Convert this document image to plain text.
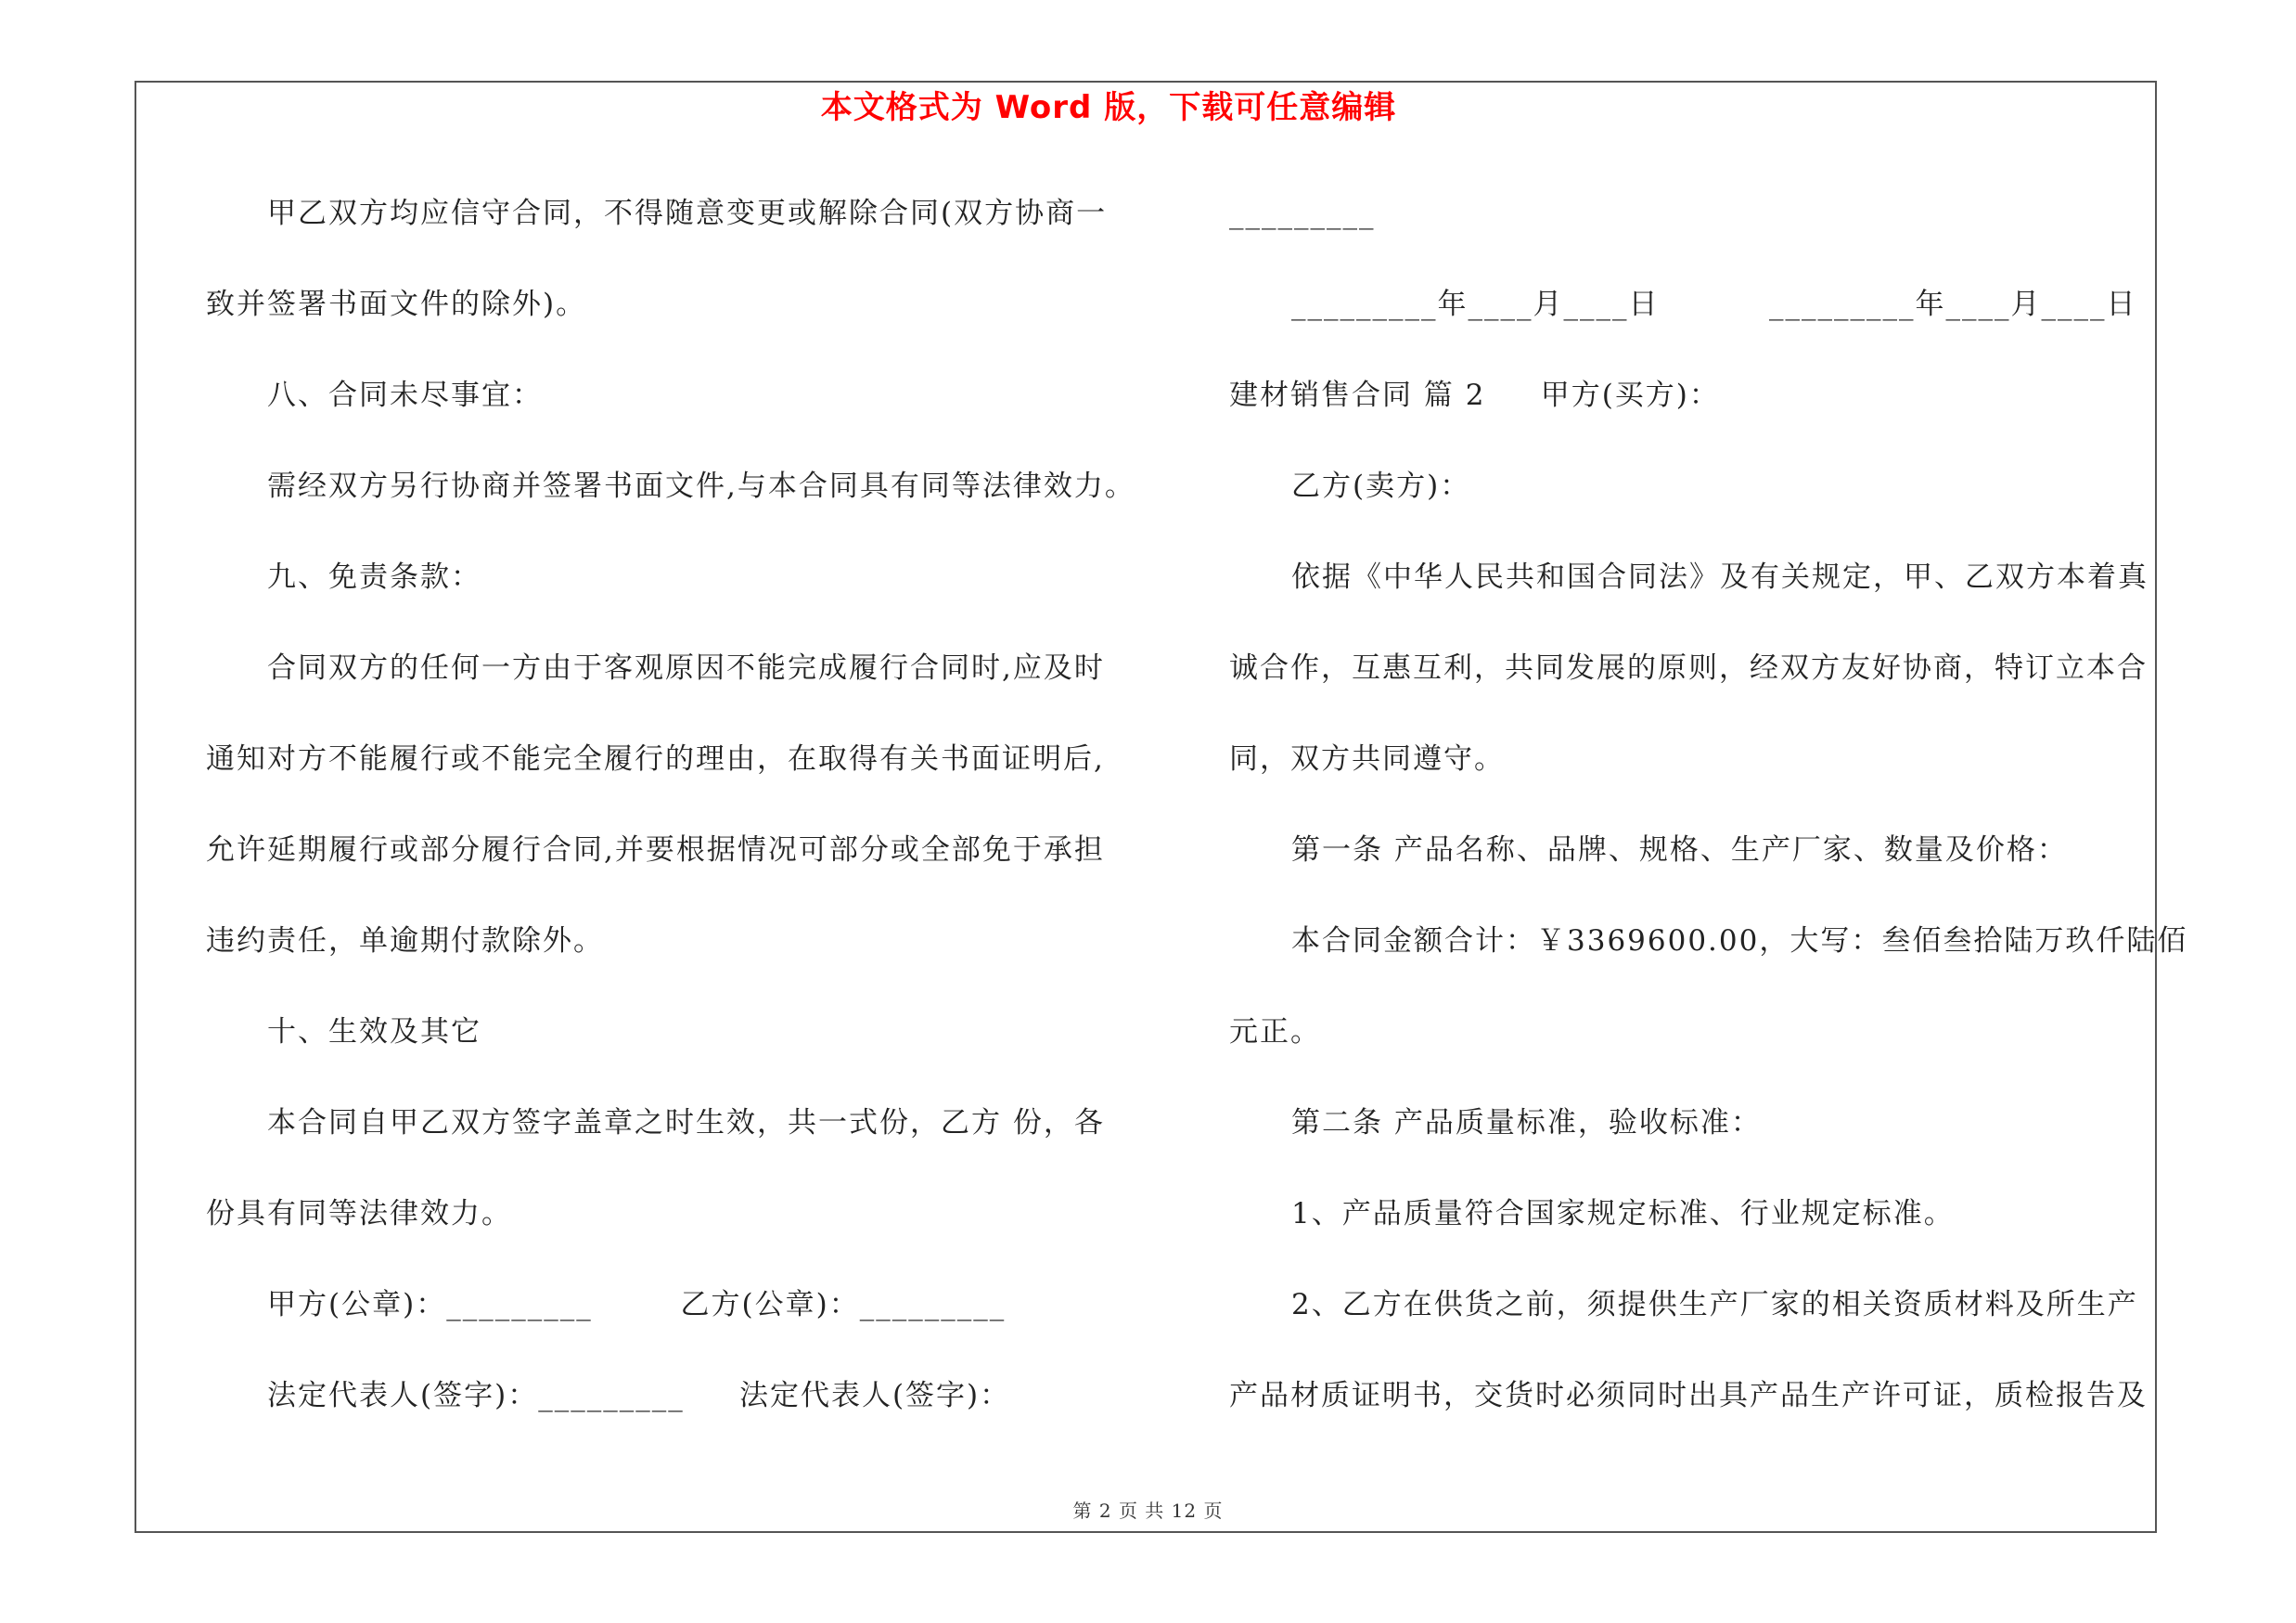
本文格式为 Word 版，下载可任意编辑
甲乙双方均应信守合同，不得随意变更或解除合同(双方协商一
致并签署书面文件的除外)。
八、合同未尽事宜：
需经双方另行协商并签署书面文件,与本合同具有同等法律效力。
九、免责条款：
合同双方的任何一方由于客观原因不能完成履行合同时,应及时
通知对方不能履行或不能完全履行的理由，在取得有关书面证明后,
允许延期履行或部分履行合同,并要根据情况可部分或全部免于承担
违约责任，单逾期付款除外。
十、生效及其它
本合同自甲乙双方签字盖章之时生效，共一式份，乙方 份，各
份具有同等法律效力。
甲方(公章)：_________        乙方(公章)：_________
法定代表人(签字)：_________     法定代表人(签字)：
_________
_________年____月____日          _________年____月____日
建材销售合同 篇 2     甲方(买方)：
乙方(卖方)：
依据《中华人民共和国合同法》及有关规定，甲、乙双方本着真
诚合作，互惠互利，共同发展的原则，经双方友好协商，特订立本合
同，双方共同遵守。
第一条 产品名称、品牌、规格、生产厂家、数量及价格：
本合同金额合计：￥3369600.00，大写：叁佰叁拾陆万玖仟陆佰
元正。
第二条 产品质量标准，验收标准：
1、产品质量符合国家规定标准、行业规定标准。
2、乙方在供货之前，须提供生产厂家的相关资质材料及所生产
产品材质证明书，交货时必须同时出具产品生产许可证，质检报告及
第 2 页 共 12 页
